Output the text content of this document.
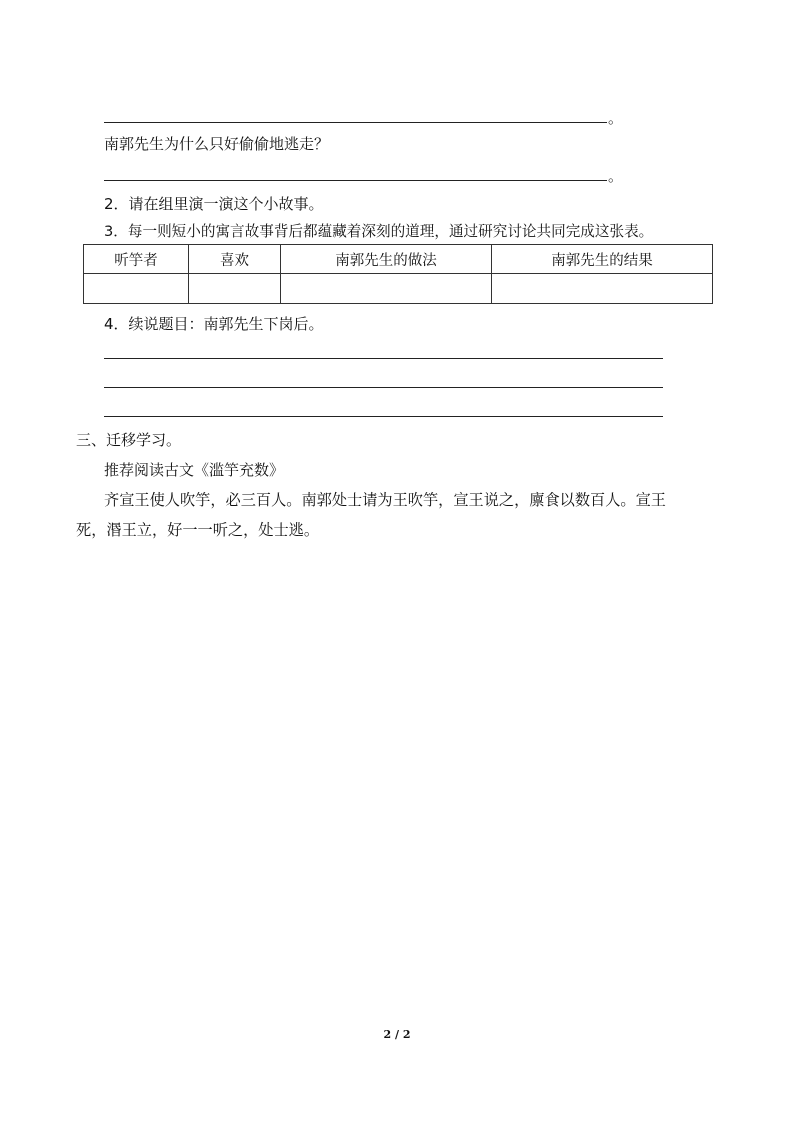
。
南郭先生为什么只好偷偷地逃走？
。
2．请在组里演一演这个小故事。
3．每一则短小的寓言故事背后都蕴藏着深刻的道理，通过研究讨论共同完成这张表。
听竽者	喜欢	南郭先生的做法	南郭先生的结果

4．续说题目：南郭先生下岗后。
三、迁移学习。
推荐阅读古文《滥竽充数》
齐宣王使人吹竽，必三百人。南郭处士请为王吹竽，宣王说之，廪食以数百人。宣王
死，湣王立，好一一听之，处士逃。
2 / 2
